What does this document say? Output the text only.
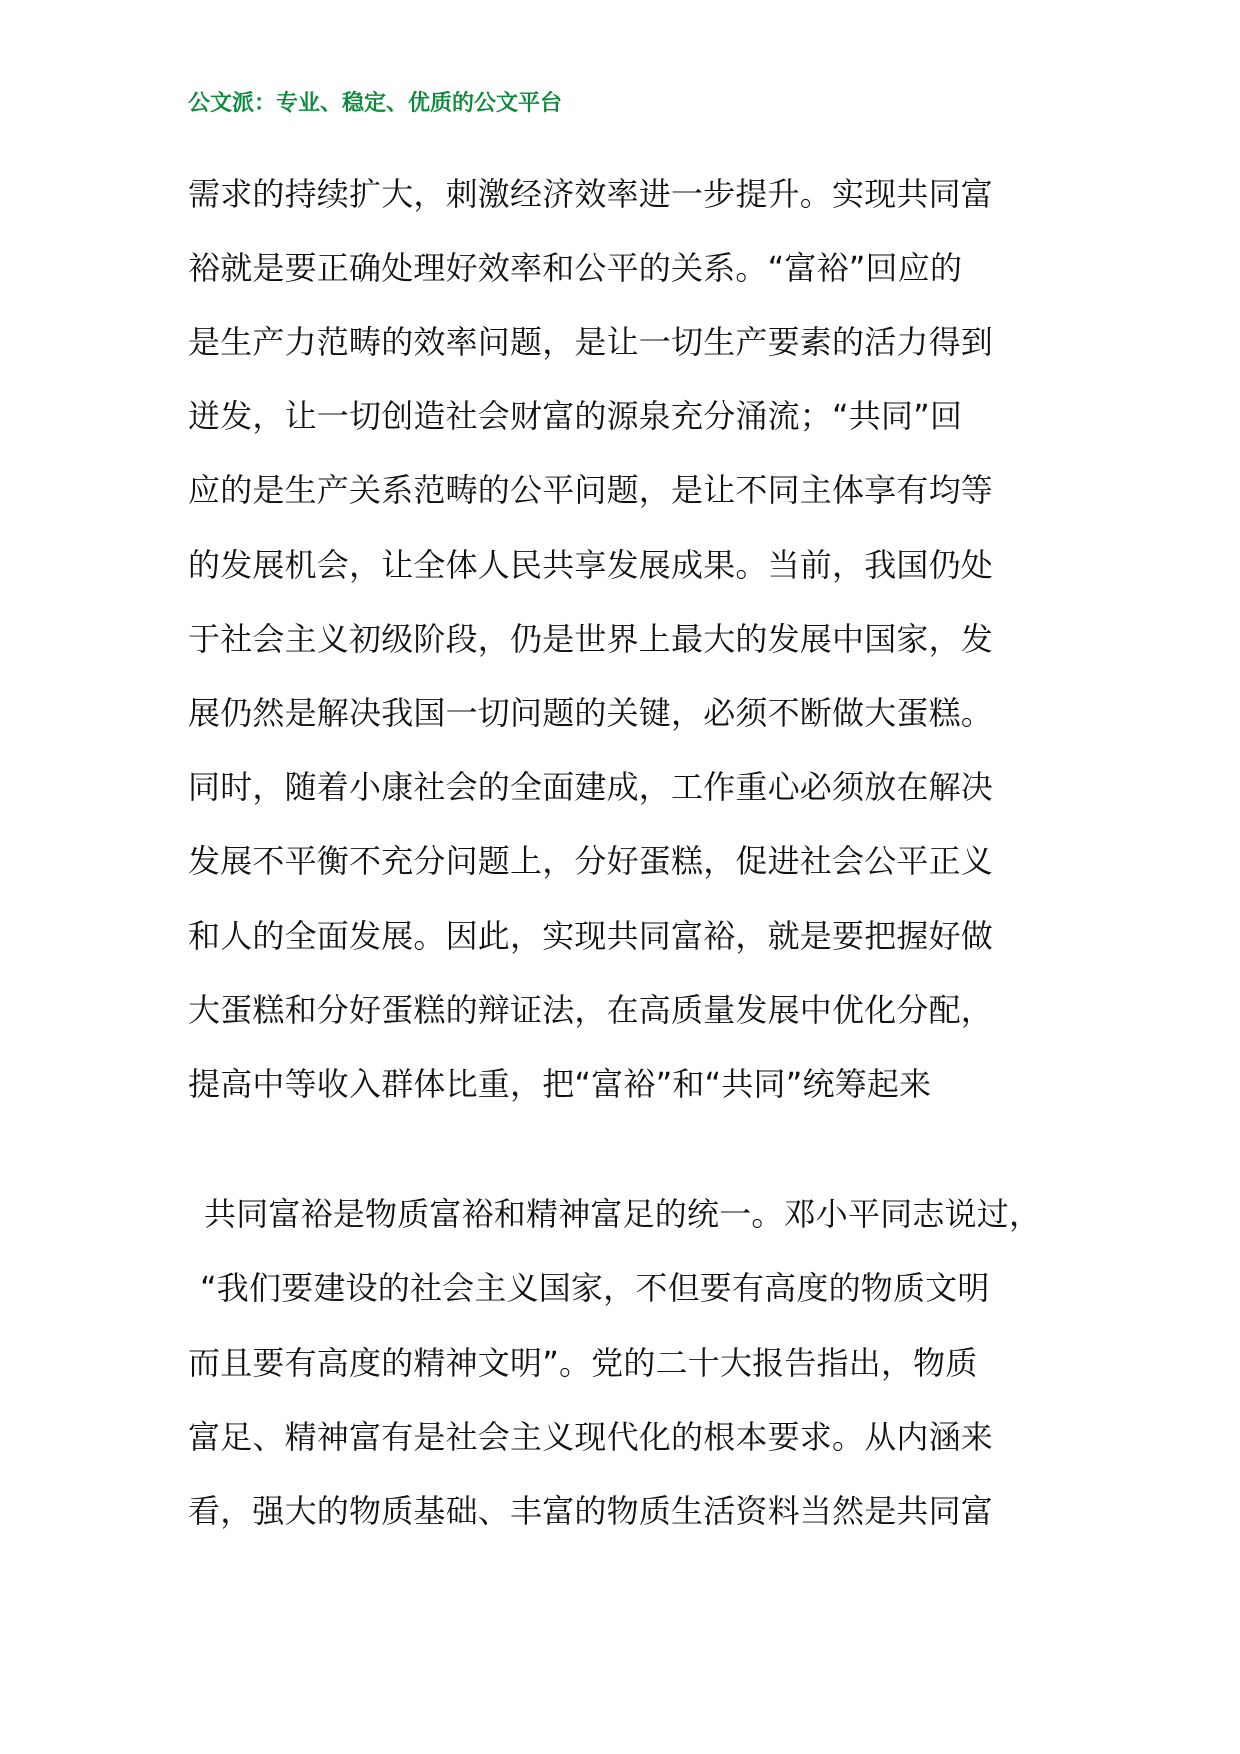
公文派：专业、稳定、优质的公文平台
需求的持续扩大，刺激经济效率进一步提升。实现共同富
裕就是要正确处理好效率和公平的关系。“富裕”回应的
是生产力范畴的效率问题，是让一切生产要素的活力得到
迸发，让一切创造社会财富的源泉充分涌流；“共同”回
应的是生产关系范畴的公平问题，是让不同主体享有均等
的发展机会，让全体人民共享发展成果。当前，我国仍处
于社会主义初级阶段，仍是世界上最大的发展中国家，发
展仍然是解决我国一切问题的关键，必须不断做大蛋糕。
同时，随着小康社会的全面建成，工作重心必须放在解决
发展不平衡不充分问题上，分好蛋糕，促进社会公平正义
和人的全面发展。因此，实现共同富裕，就是要把握好做
大蛋糕和分好蛋糕的辩证法，在高质量发展中优化分配，
提高中等收入群体比重，把“富裕”和“共同”统筹起来
共同富裕是物质富裕和精神富足的统一。邓小平同志说过，
“我们要建设的社会主义国家，不但要有高度的物质文明
而且要有高度的精神文明”。党的二十大报告指出，物质
富足、精神富有是社会主义现代化的根本要求。从内涵来
看，强大的物质基础、丰富的物质生活资料当然是共同富
